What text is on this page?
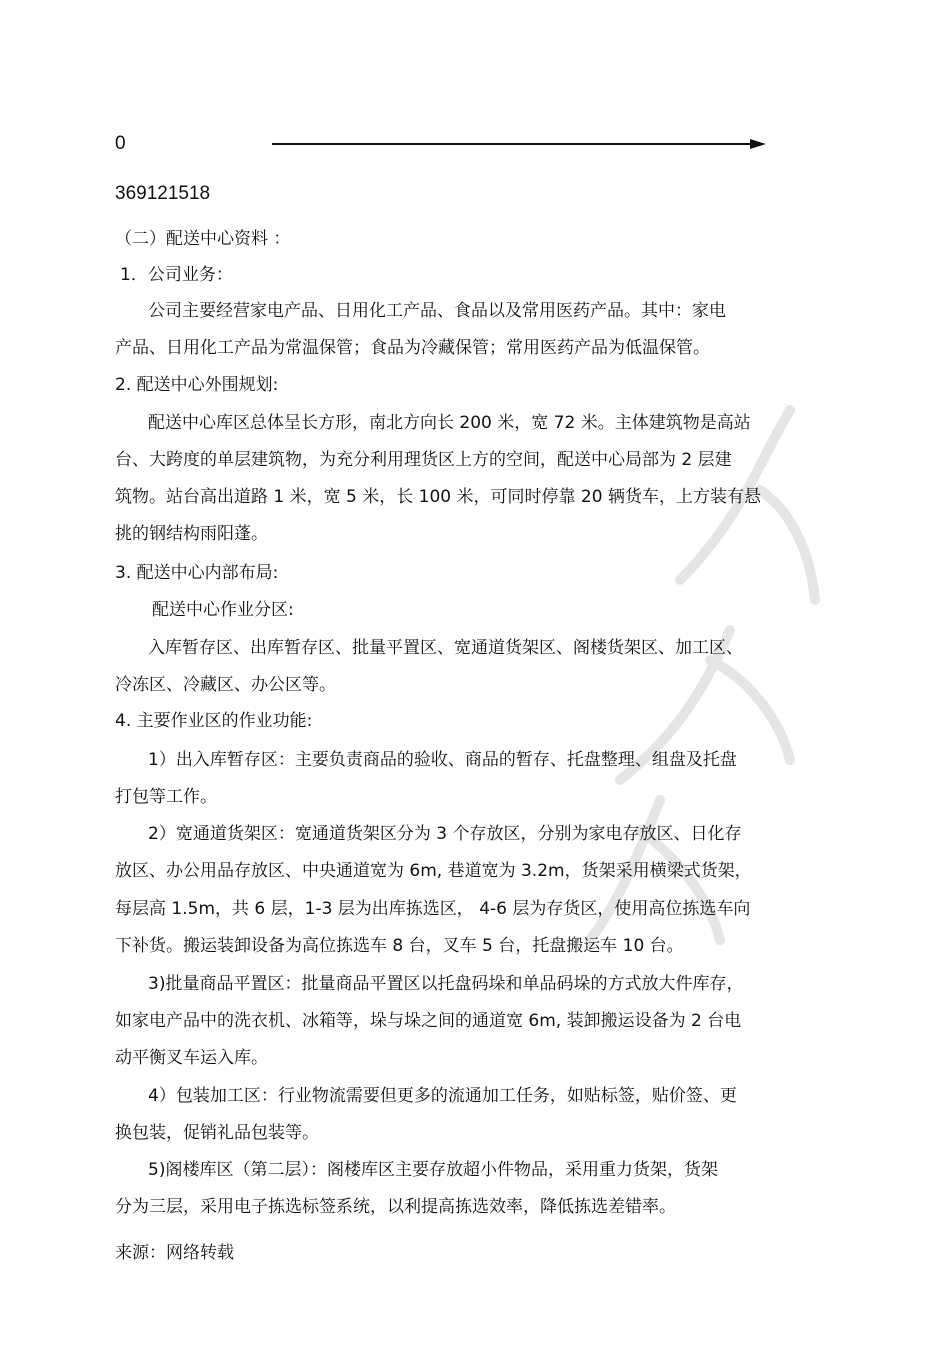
0
369121518
（二）配送中心资料 ：
1．公司业务：
公司主要经营家电产品、日用化工产品、食品以及常用医药产品。其中：家电
产品、日用化工产品为常温保管；食品为冷藏保管；常用医药产品为低温保管。
2. 配送中心外围规划:
配送中心库区总体呈长方形，南北方向长 200 米，宽 72 米。主体建筑物是高站
台、大跨度的单层建筑物，为充分利用理货区上方的空间，配送中心局部为 2 层建
筑物。站台高出道路 1 米，宽 5 米，长 100 米，可同时停靠 20 辆货车，上方装有悬
挑的钢结构雨阳蓬。
3. 配送中心内部布局:
配送中心作业分区:
入库暂存区、出库暂存区、批量平置区、宽通道货架区、阁楼货架区、加工区、
冷冻区、冷藏区、办公区等。
4. 主要作业区的作业功能:
1）出入库暂存区：主要负责商品的验收、商品的暂存、托盘整理、组盘及托盘
打包等工作。
2）宽通道货架区：宽通道货架区分为 3 个存放区，分别为家电存放区、日化存
放区、办公用品存放区、中央通道宽为 6m, 巷道宽为 3.2m，货架采用横梁式货架，
每层高 1.5m，共 6 层，1-3 层为出库拣选区， 4-6 层为存货区，使用高位拣选车向
下补货。搬运装卸设备为高位拣选车 8 台，叉车 5 台，托盘搬运车 10 台。
3)批量商品平置区：批量商品平置区以托盘码垛和单品码垛的方式放大件库存，
如家电产品中的洗衣机、冰箱等，垛与垛之间的通道宽 6m, 装卸搬运设备为 2 台电
动平衡叉车运入库。
4）包装加工区：行业物流需要但更多的流通加工任务，如贴标签，贴价签、更
换包装，促销礼品包装等。
5)阁楼库区（第二层）：阁楼库区主要存放超小件物品，采用重力货架，货架
分为三层，采用电子拣选标签系统，以利提高拣选效率，降低拣选差错率。
来源：网络转载
